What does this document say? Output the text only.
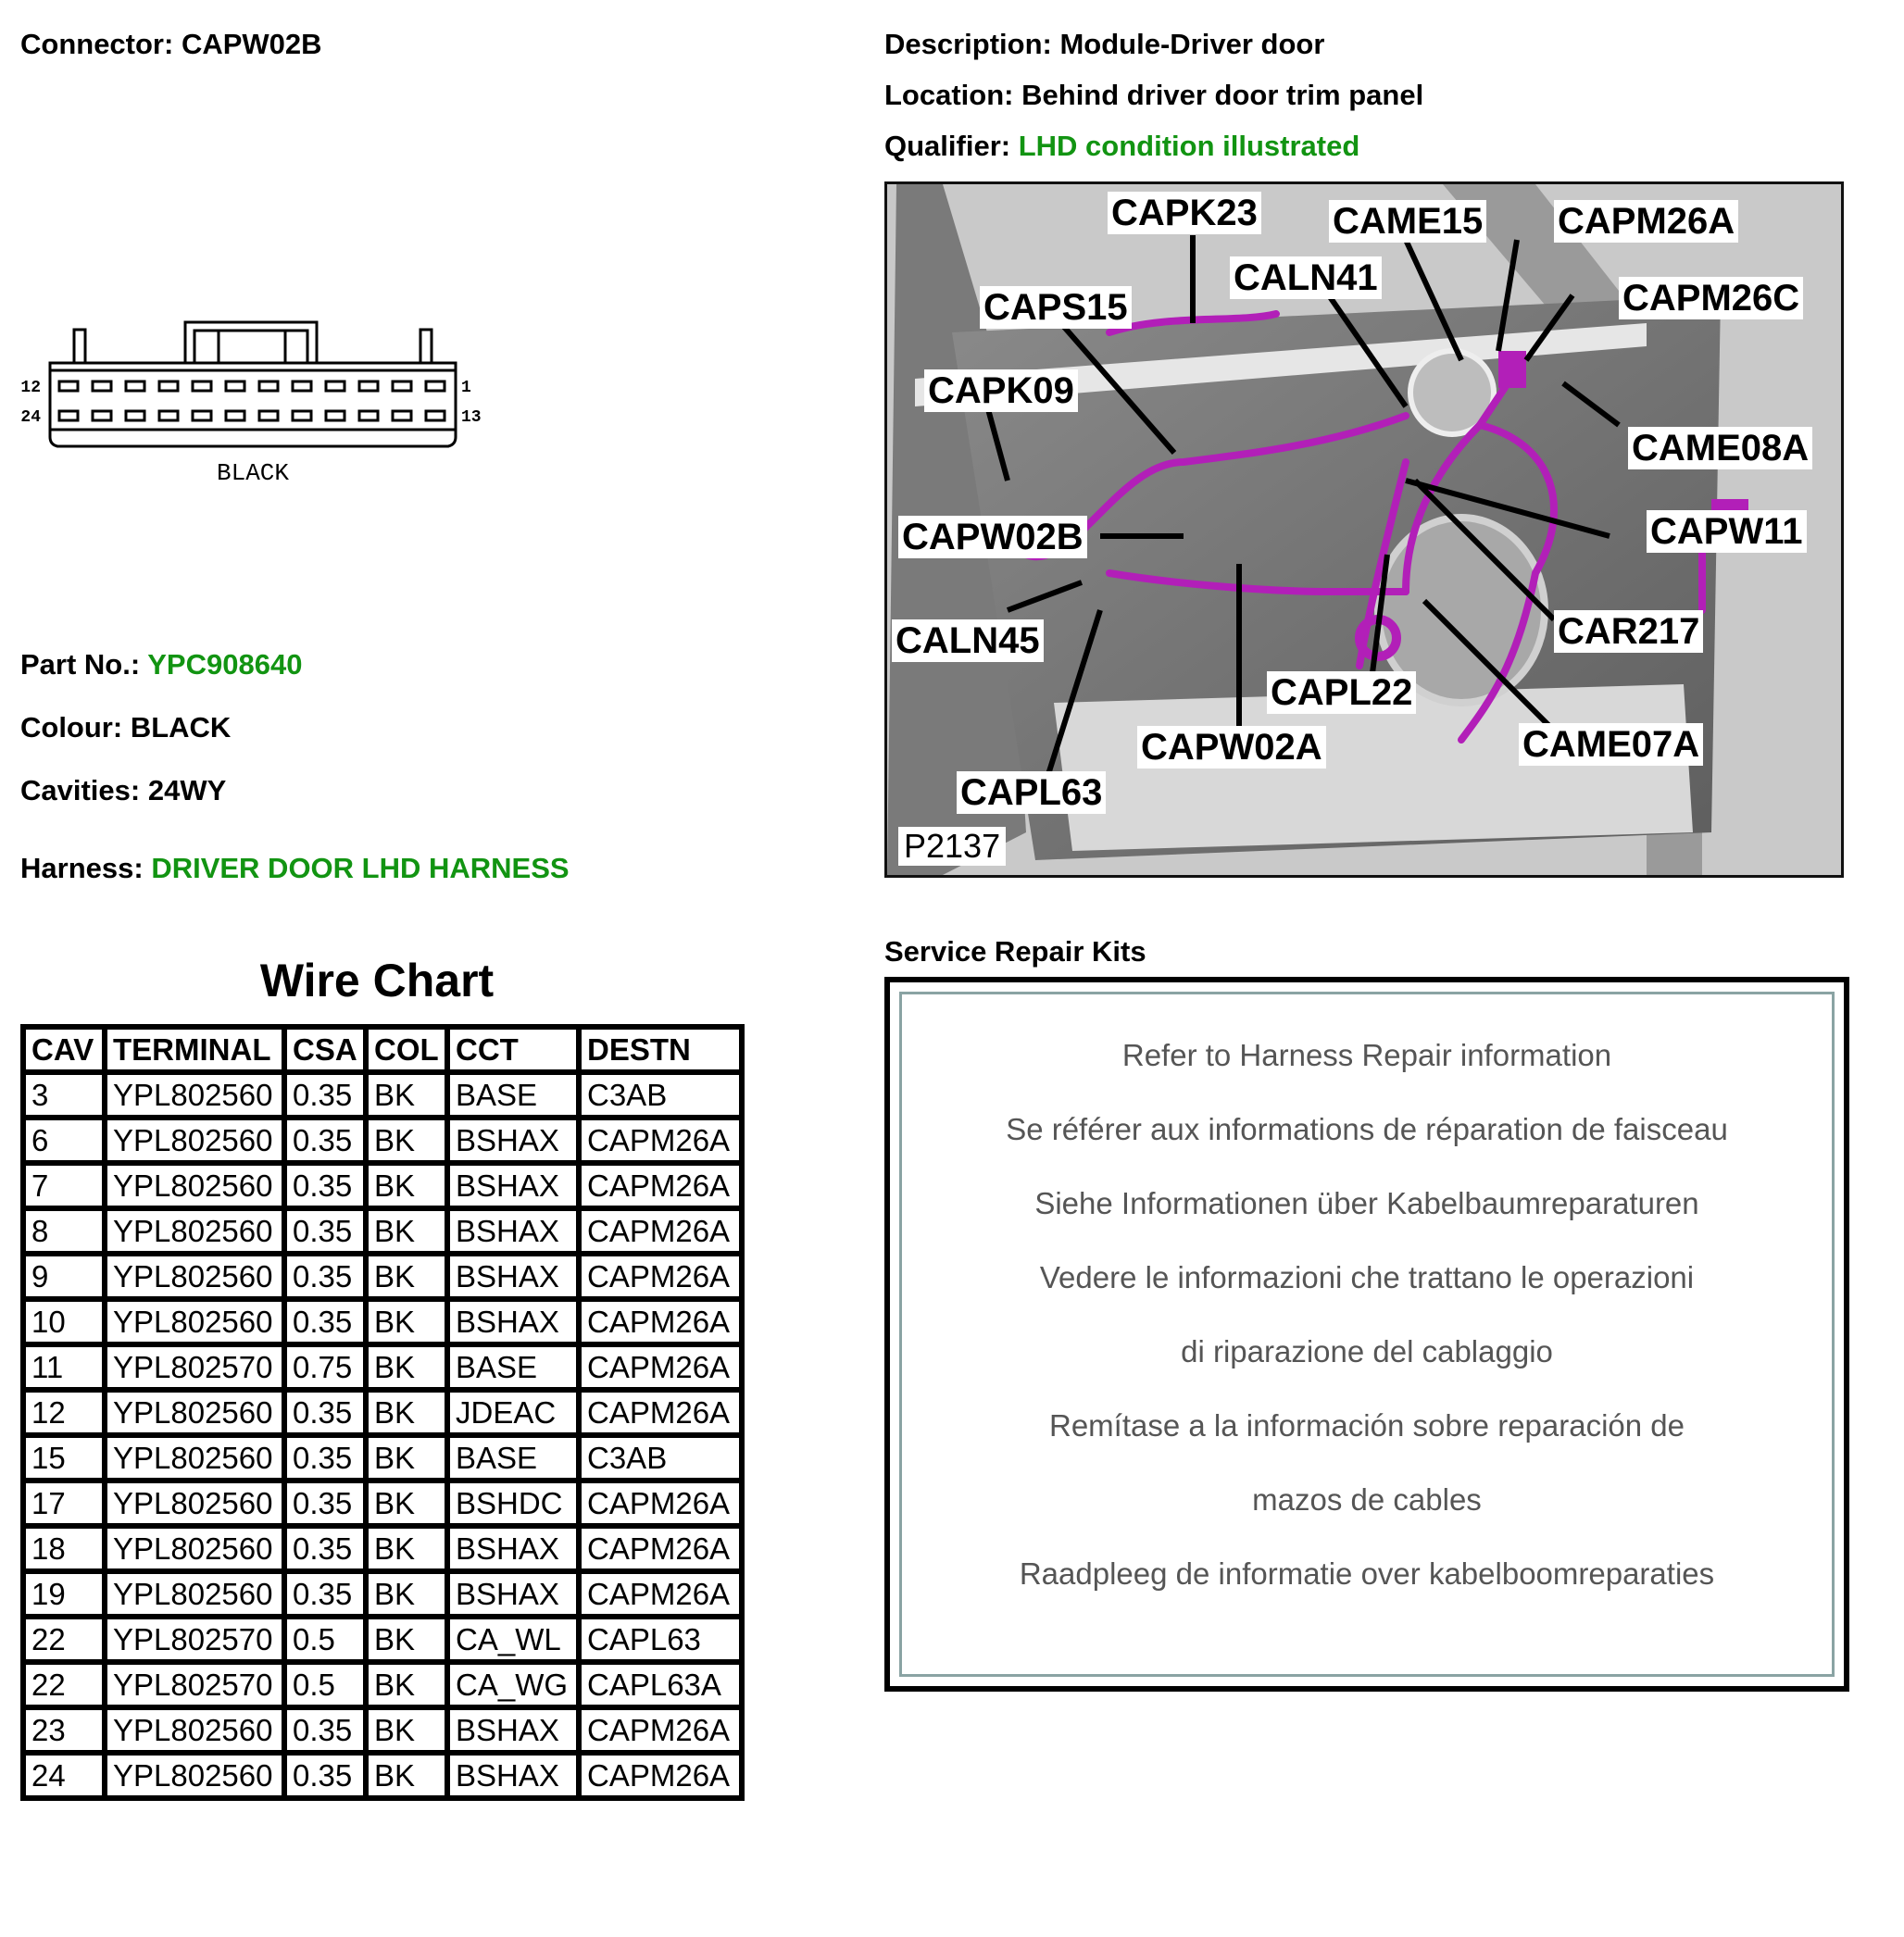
Connector: CAPW02B	Description: Module-Driver door
Location: Behind driver door trim panel
Qualifier: LHD condition illustrated
12	1
24	13
BLACK
Part No.: YPC908640
Colour: BLACK
Cavities: 24WY
Harness: DRIVER DOOR LHD HARNESS
Wire Chart
CAV	TERMINAL	CSA	COL	CCT	DESTN
3	YPL802560	0.35	BK	BASE	C3AB
6	YPL802560	0.35	BK	BSHAX	CAPM26A
7	YPL802560	0.35	BK	BSHAX	CAPM26A
8	YPL802560	0.35	BK	BSHAX	CAPM26A
9	YPL802560	0.35	BK	BSHAX	CAPM26A
10	YPL802560	0.35	BK	BSHAX	CAPM26A
11	YPL802570	0.75	BK	BASE	CAPM26A
12	YPL802560	0.35	BK	JDEAC	CAPM26A
15	YPL802560	0.35	BK	BASE	C3AB
17	YPL802560	0.35	BK	BSHDC	CAPM26A
18	YPL802560	0.35	BK	BSHAX	CAPM26A
19	YPL802560	0.35	BK	BSHAX	CAPM26A
22	YPL802570	0.5	BK	CA_WL	CAPL63
22	YPL802570	0.5	BK	CA_WG	CAPL63A
23	YPL802560	0.35	BK	BSHAX	CAPM26A
24	YPL802560	0.35	BK	BSHAX	CAPM26A
CAPK23 CAME15 CAPM26A
CALN41	CAPM26C
CAPS15
CAPK09
CAME08A
CAPW02B	CAPW11
CAR217
CALN45
CAPL22
CAPW02A	CAME07A
CAPL63
P2137
Service Repair Kits
Refer to Harness Repair information
Se référer aux informations de réparation de faisceau
Siehe Informationen über Kabelbaumreparaturen
Vedere le informazioni che trattano le operazioni
di riparazione del cablaggio
Remítase a la información sobre reparación de
mazos de cables
Raadpleeg de informatie over kabelboomreparaties
